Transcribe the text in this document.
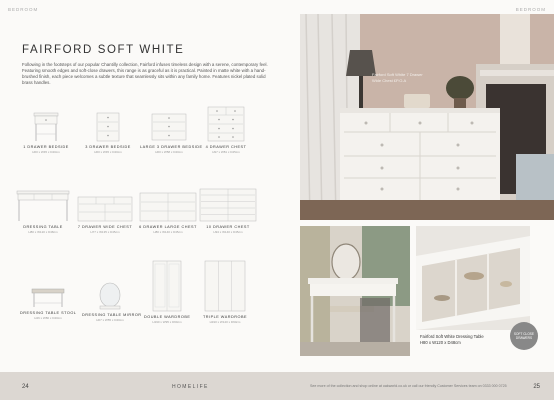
BEDROOM	BEDROOM
FAIRFORD SOFT WHITE

Following in the footsteps of our popular Chantilly collection, Fairford infuses timeless design with a serene, contemporary feel. Featuring smooth edges and soft-close drawers, this range is as graceful as it is practical. Painted in matte white with a hand-brushed finish, each piece welcomes a subtle texture that seamlessly sits within any family home. Features nickel plated solid brass handles.

1 DRAWER BEDSIDE
H60 x W45 x D40cm
3 DRAWER BEDSIDE
H60 x W45 x D40cm
LARGE 3 DRAWER BEDSIDE
H60 x W58 x D40cm
4 DRAWER CHEST
H97 x W81 x D45cm
DRESSING TABLE
H80 x W120 x D48cm
7 DRAWER WIDE CHEST
H77 x W135 x D45cm
6 DRAWER LARGE CHEST
H80 x W140 x D45cm
10 DRAWER CHEST
H94 x W140 x D45cm
DRESSING TABLE STOOL
H46 x W80 x D40cm
DRESSING TABLE MIRROR
H67 x W55 x D40cm
DOUBLE WARDROBE
H190 x W95 x D60cm
TRIPLE WARDROBE
H190 x W140 x D60cm
Fairford Soft White 7 Drawer
Wide Chest £P.O.A
SOFT CLOSE DRAWERS
Fairford Soft White Dressing Table
H80 x W120 x D48cm
24	HOMELIFE	See more of the collection and shop online at oakworld.co.uk or call our friendly Customer Services team on 0333 000 0725	25
